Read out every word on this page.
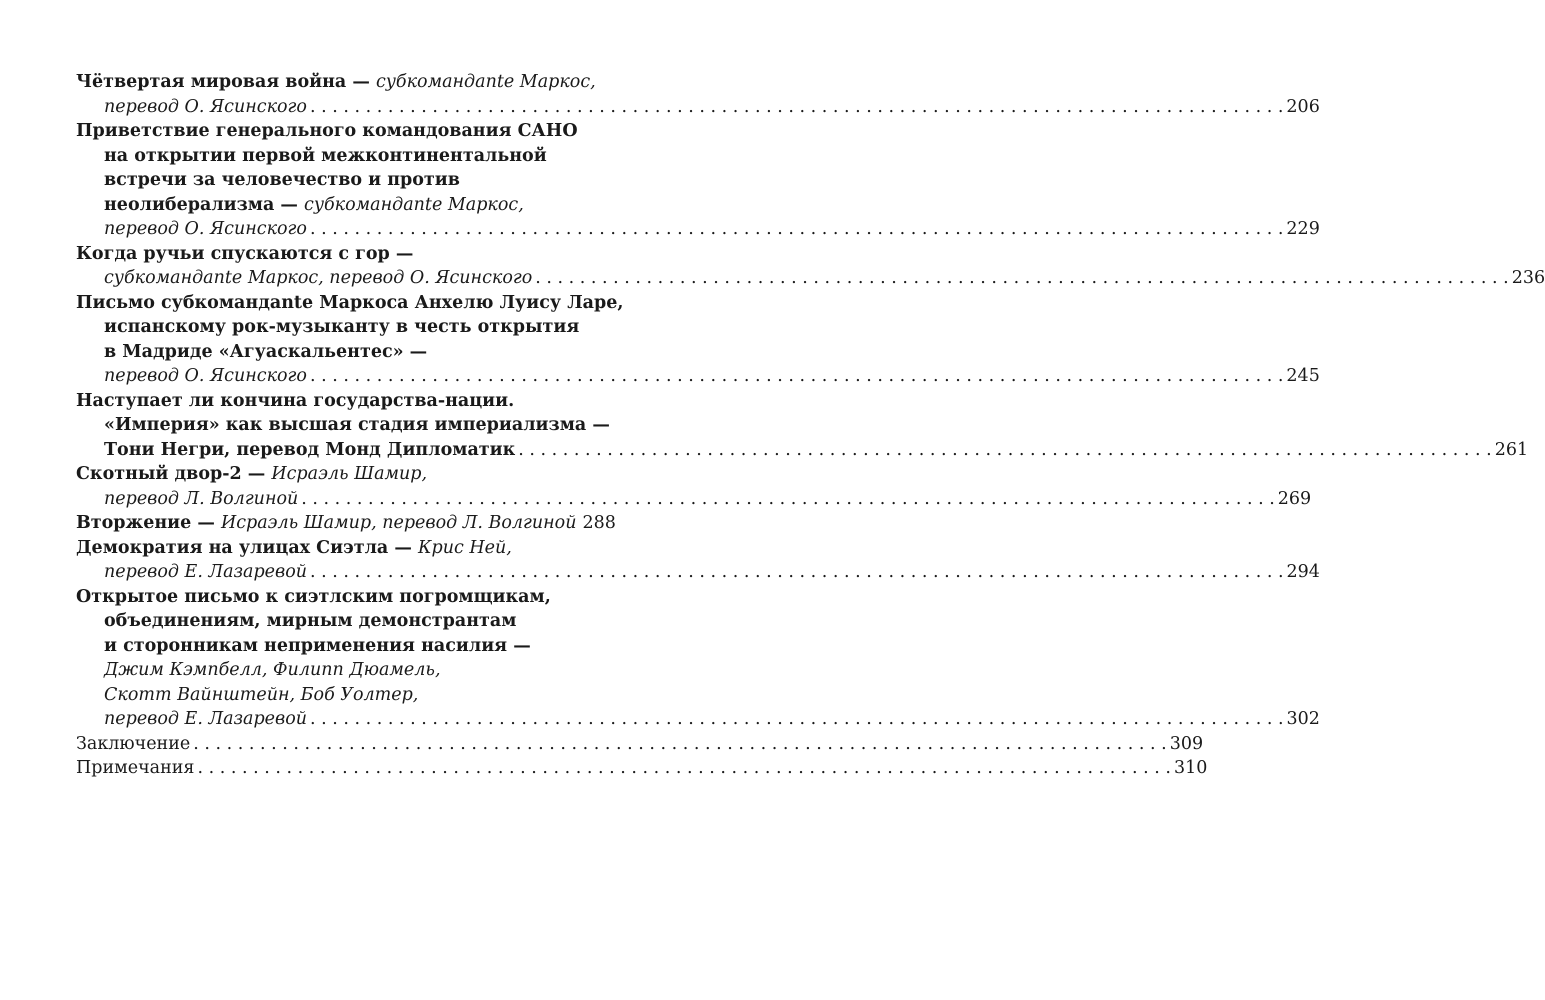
Чётвертая мировая война — субкомандante Маркос,
перевод О. Ясинского . . .	206
Приветствие генерального командования САНО
на открытии первой межконтинентальной
встречи за человечество и против
неолиберализма — субкомандante Маркос,
перевод О. Ясинского . . .	229
Когда ручьи спускаются с гор —
субкомандante Маркос, перевод О. Ясинского . . .	236
Письмо субкомандante Маркоса Анхелю Луису Ларе,
испанскому рок-музыканту в честь открытия
в Мадриде «Агуаскальентес» —
перевод О. Ясинского . . .	245
Наступает ли кончина государства-нации.
«Империя» как высшая стадия империализма —
Тони Негри, перевод Монд Дипломатик . . .	261
Скотный двор-2 — Исраэль Шамир,
перевод Л. Волгиной . . .	269
Вторжение — Исраэль Шамир, перевод Л. Волгиной 288
Демократия на улицах Сиэтла — Крис Ней,
перевод Е. Лазаревой . . .	294
Открытое письмо к сиэтлским погромщикам,
объединениям, мирным демонстрантам
и сторонникам неприменения насилия —
Джим Кэмпбелл, Филипп Дюамель,
Скотт Вайнштейн, Боб Уолтер,
перевод Е. Лазаревой . . .	302
Заключение . . .	309
Примечания . . .	310
